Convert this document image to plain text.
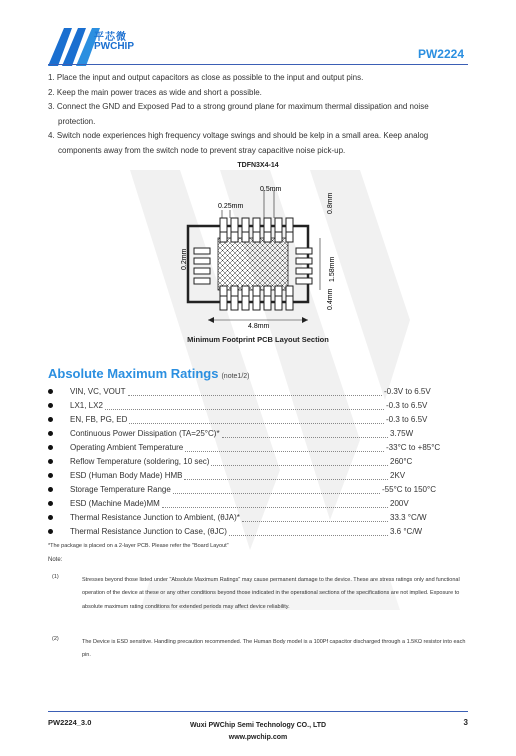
平芯微
PWCHIP
PW2224
1. Place the input and output capacitors as close as possible to the input and output pins.
2. Keep the main power traces as wide and short a possible.
3. Connect the GND and Exposed Pad to a strong ground plane for maximum thermal dissipation and noise protection.
4. Switch node experiences high frequency voltage swings and should be kelp in a small area. Keep analog components away from the switch node to prevent stray capacitive noise pick-up.
TDFN3X4-14
0.5mm
0.25mm	0.8mm
1.58mm
0.4mm
0.2mm
4.8mm
Minimum Footprint PCB Layout Section
Absolute Maximum Ratings (note1/2)
VIN, VC, VOUT	-0.3V to 6.5V
LX1, LX2	-0.3 to 6.5V
EN, FB, PG, ED	-0.3 to 6.5V
Continuous Power Dissipation (TA=25°C)*	3.75W
Operating Ambient Temperature	-33°C to +85°C
Reflow Temperature (soldering, 10 sec)	260°C
ESD (Human Body Made) HMB	2KV
Storage Temperature Range	-55°C to 150°C
ESD (Machine Made)MM	200V
Thermal Resistance Junction to Ambient, (θJA)*	33.3 °C/W
Thermal Resistance Junction to Case, (θJC)	3.6 °C/W
*The package is placed on a 2-layer PCB. Please refer the "Board Layout"
Note:
(1)	Stresses beyond those listed under "Absolute Maximum Ratings" may cause permanent damage to the device. These are stress ratings only and functional operation of the device at these or any other conditions beyond those indicated in the operational sections of the specifications are not implied. Exposure to absolute maximum rating conditions for extended periods may affect device reliability.
(2)	The Device is ESD sensitive. Handling precaution recommended. The Human Body model is a 100Pf capacitor discharged through a 1.5KΩ resistor into each pin.
PW2224_3.0	Wuxi PWChip Semi Technology CO., LTD
www.pwchip.com
3
